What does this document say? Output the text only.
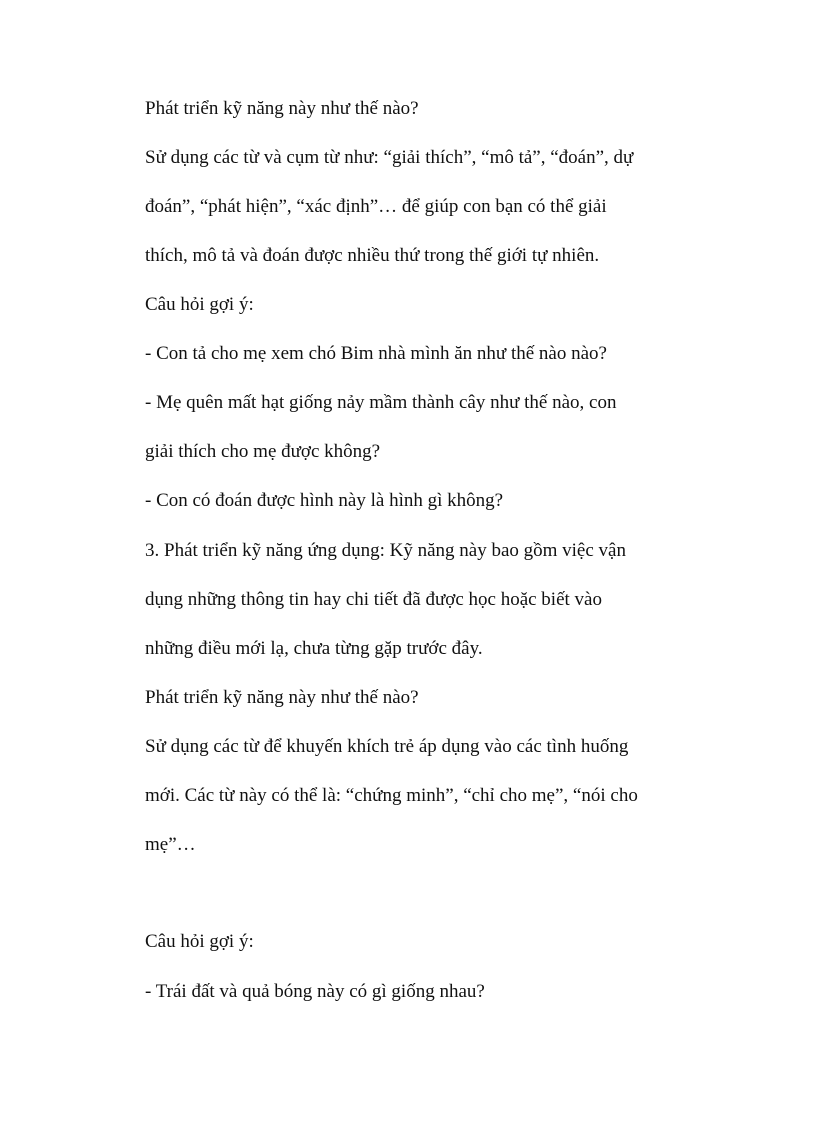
Phát triển kỹ năng này như thế nào?
Sử dụng các từ và cụm từ như: “giải thích”, “mô tả”, “đoán”, dự
đoán”, “phát hiện”, “xác định”… để giúp con bạn có thể giải
thích, mô tả và đoán được nhiều thứ trong thế giới tự nhiên.
Câu hỏi gợi ý:
- Con tả cho mẹ xem chó Bim nhà mình ăn như thế nào nào?
- Mẹ quên mất hạt giống nảy mầm thành cây như thế nào, con
giải thích cho mẹ được không?
- Con có đoán được hình này là hình gì không?
3. Phát triển kỹ năng ứng dụng: Kỹ năng này bao gồm việc vận
dụng những thông tin hay chi tiết đã được học hoặc biết vào
những điều mới lạ, chưa từng gặp trước đây.
Phát triển kỹ năng này như thế nào?
Sử dụng các từ để khuyến khích trẻ áp dụng vào các tình huống
mới. Các từ này có thể là: “chứng minh”, “chỉ cho mẹ”, “nói cho
mẹ”…
Câu hỏi gợi ý:
- Trái đất và quả bóng này có gì giống nhau?
